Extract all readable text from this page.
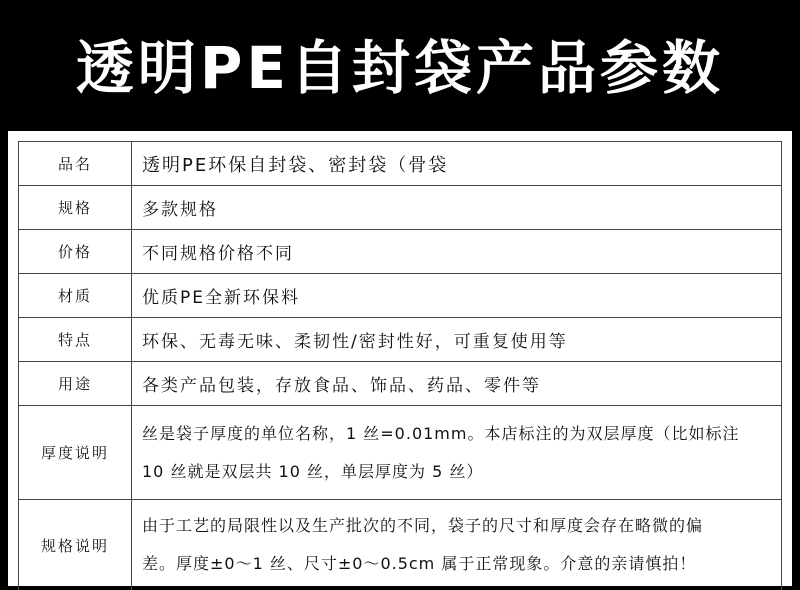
透明PE自封袋产品参数
品名	透明PE环保自封袋、密封袋（骨袋
规格	多款规格
价格	不同规格价格不同
材质	优质PE全新环保料
特点	环保、无毒无味、柔韧性/密封性好，可重复使用等
用途	各类产品包装，存放食品、饰品、药品、零件等
厚度说明	丝是袋子厚度的单位名称，1 丝=0.01mm。本店标注的为双层厚度（比如标注
10 丝就是双层共 10 丝，单层厚度为 5 丝）

规格说明	由于工艺的局限性以及生产批次的不同，袋子的尺寸和厚度会存在略微的偏
差。厚度±0～1 丝、尺寸±0～0.5cm 属于正常现象。介意的亲请慎拍！
